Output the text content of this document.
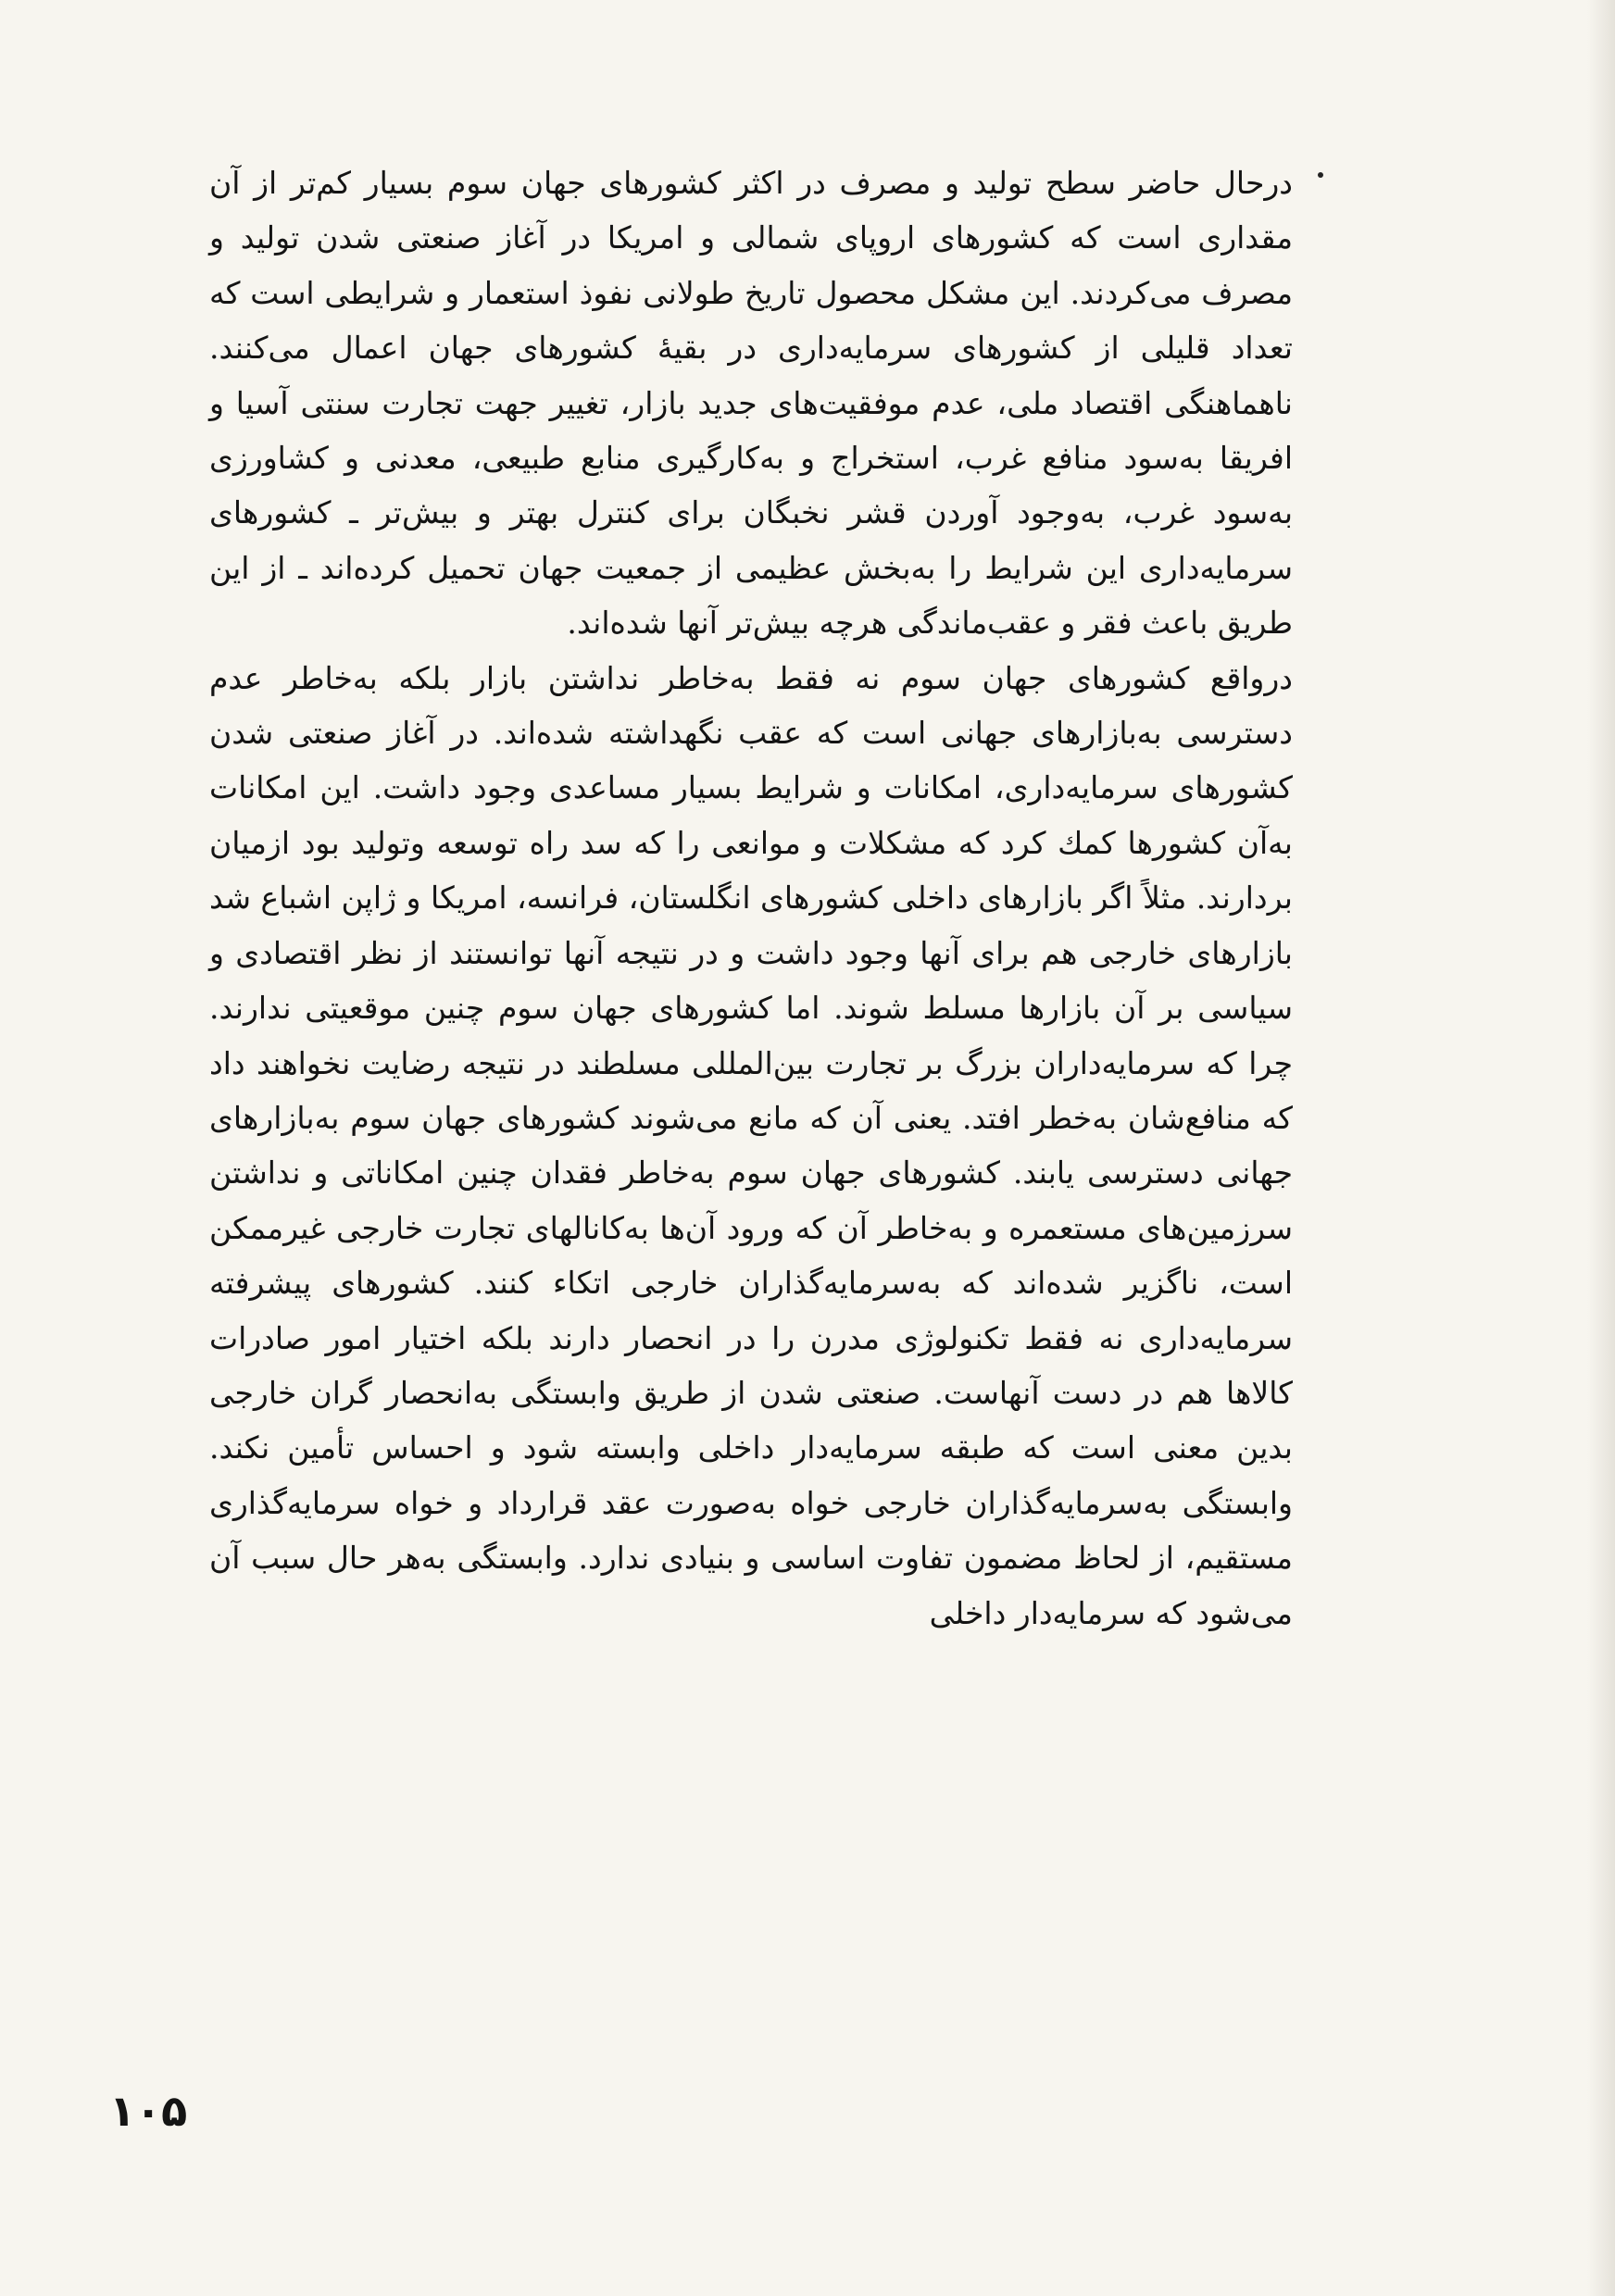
درحال حاضر سطح تولید و مصرف در اکثر کشورهای جهان سوم بسیار کم‌تر از آن مقداری است که کشورهای اروپای شمالی و امریکا در آغاز صنعتی شدن تولید و مصرف می‌کردند. این مشکل محصول تاریخ طولانی نفوذ استعمار و شرایطی است که تعداد قلیلی از کشورهای سرمایه‌داری در بقیهٔ کشورهای جهان اعمال می‌کنند. ناهماهنگی اقتصاد ملی، عدم موفقیت‌های جدید بازار، تغییر جهت تجارت سنتی آسیا و افریقا به‌سود منافع غرب، استخراج و به‌کارگیری منابع طبیعی، معدنی و کشاورزی به‌سود غرب، به‌وجود آوردن قشر نخبگان برای کنترل بهتر و بیش‌تر ـ کشورهای سرمایه‌داری این شرایط را به‌بخش عظیمی از جمعیت جهان تحمیل کرده‌اند ـ از این طریق باعث فقر و عقب‌ماندگی هرچه بیش‌تر آنها شده‌اند.

درواقع کشورهای جهان سوم نه فقط به‌خاطر نداشتن بازار بلکه به‌خاطر عدم دسترسی به‌بازارهای جهانی است که عقب نگهداشته شده‌اند. در آغاز صنعتی شدن کشورهای سرمایه‌داری، امکانات و شرایط بسیار مساعدی وجود داشت. این امکانات به‌آن کشورها کمك کرد که مشکلات و موانعی را که سد راه توسعه وتولید بود ازمیان بردارند. مثلاً اگر بازارهای داخلی کشورهای انگلستان، فرانسه، امریکا و ژاپن اشباع شد بازارهای خارجی هم برای آنها وجود داشت و در نتیجه آنها توانستند از نظر اقتصادی و سیاسی بر آن بازارها مسلط شوند. اما کشورهای جهان سوم چنین موقعیتی ندارند. چرا که سرمایه‌داران بزرگ بر تجارت بین‌المللی مسلطند در نتیجه رضایت نخواهند داد که منافع‌شان به‌خطر افتد. یعنی آن که مانع می‌شوند کشورهای جهان سوم به‌بازارهای جهانی دسترسی یابند. کشورهای جهان سوم به‌خاطر فقدان چنین امکاناتی و نداشتن سرزمین‌های مستعمره و به‌خاطر آن که ورود آن‌ها به‌کانالهای تجارت خارجی غیرممکن است، ناگزیر شده‌اند که به‌سرمایه‌گذاران خارجی اتکاء کنند. کشورهای پیشرفته سرمایه‌داری نه فقط تکنولوژی مدرن را در انحصار دارند بلکه اختیار امور صادرات کالاها هم در دست آنهاست. صنعتی شدن از طریق وابستگی به‌انحصار گران خارجی بدین معنی است که طبقه سرمایه‌دار داخلی وابسته شود و احساس تأمین نکند. وابستگی به‌سرمایه‌گذاران خارجی خواه به‌صورت عقد قرارداد و خواه سرمایه‌گذاری مستقیم، از لحاظ مضمون تفاوت اساسی و بنیادی ندارد. وابستگی به‌هر حال سبب آن می‌شود که سرمایه‌دار داخلی

۱۰۵
